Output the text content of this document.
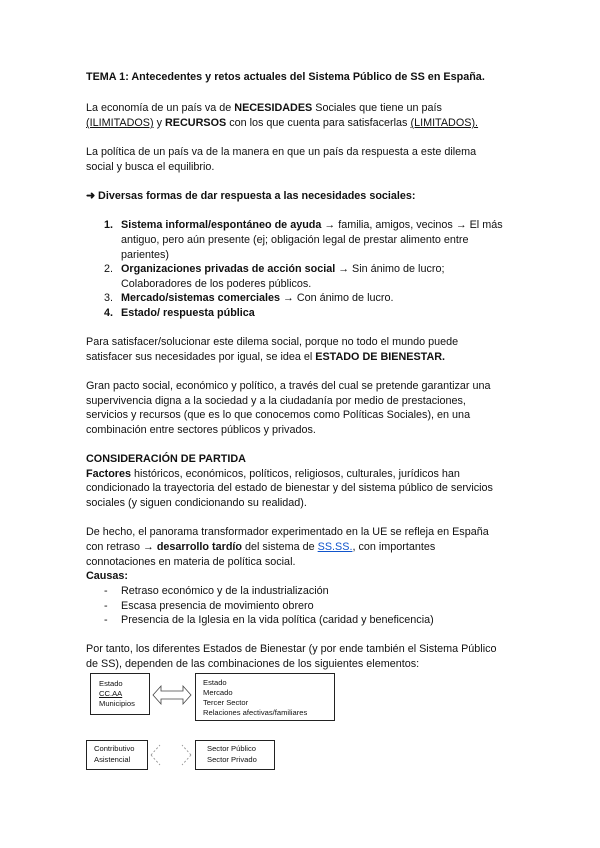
TEMA 1: Antecedentes y retos actuales del Sistema Público de SS en España.
La economía de un país va de NECESIDADES Sociales que tiene un país
(ILIMITADOS) y RECURSOS con los que cuenta para satisfacerlas (LIMITADOS).
La política de un país va de la manera en que un país da respuesta a este dilema
social y busca el equilibrio.
➜ Diversas formas de dar respuesta a las necesidades sociales:
1. Sistema informal/espontáneo de ayuda → familia, amigos, vecinos → El más
antiguo, pero aún presente (ej; obligación legal de prestar alimento entre
parientes)
2. Organizaciones privadas de acción social → Sin ánimo de lucro;
Colaboradores de los poderes públicos.
3. Mercado/sistemas comerciales → Con ánimo de lucro.
4. Estado/ respuesta pública
Para satisfacer/solucionar este dilema social, porque no todo el mundo puede
satisfacer sus necesidades por igual, se idea el ESTADO DE BIENESTAR.
Gran pacto social, económico y político, a través del cual se pretende garantizar una
supervivencia digna a la sociedad y a la ciudadanía por medio de prestaciones,
servicios y recursos (que es lo que conocemos como Políticas Sociales), en una
combinación entre sectores públicos y privados.
CONSIDERACIÓN DE PARTIDA
Factores históricos, económicos, políticos, religiosos, culturales, jurídicos han
condicionado la trayectoria del estado de bienestar y del sistema público de servicios
sociales (y siguen condicionando su realidad).
De hecho, el panorama transformador experimentado en la UE se refleja en España
con retraso → desarrollo tardío del sistema de SS.SS., con importantes
connotaciones en materia de política social.
Causas:
- Retraso económico y de la industrialización
- Escasa presencia de movimiento obrero
- Presencia de la Iglesia en la vida política (caridad y beneficencia)
Por tanto, los diferentes Estados de Bienestar (y por ende también el Sistema Público
de SS), dependen de las combinaciones de los siguientes elementos:
Estado
CC.AA
Municipios
Estado
Mercado
Tercer Sector
Relaciones afectivas/familiares
Contributivo
Asistencial
Sector Público
Sector Privado
